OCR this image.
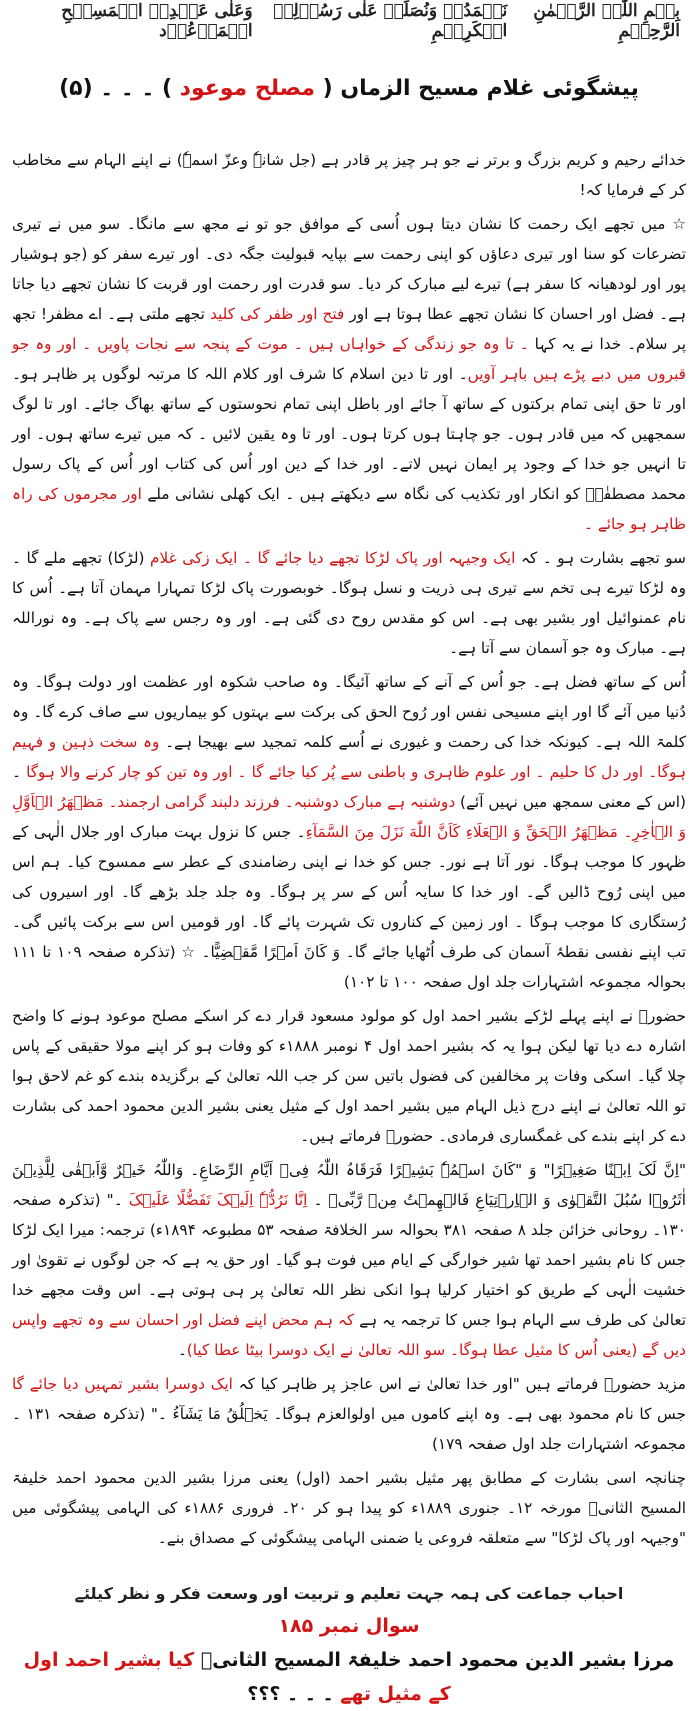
بِسۡمِ اللّٰہِ الرَّحۡمٰنِ الرَّحِیۡمِ
نَحۡمَدُہٗ وَنُصَلِّیۡ عَلٰی رَسُوۡلِہِ الۡکَرِیۡمِ
وَعَلٰی عَبۡدِہِ الۡمَسِیۡحِ الۡمَوۡعُوۡد
پیشگوئی غلام مسیح الزماں ( مصلح موعود ) ۔ ۔ ۔ (۵)

خدائے رحیم و کریم بزرگ و برتر نے جو ہر چیز پر قادر ہے (جل شانہٗ وعزّ اسمہٗ) نے اپنے الہام سے مخاطب کر کے فرمایا کہ!

☆ میں تجھے ایک رحمت کا نشان دیتا ہوں اُسی کے موافق جو تو نے مجھ سے مانگا۔ سو میں نے تیری تضرعات کو سنا اور تیری دعاؤں کو اپنی رحمت سے بپایہ قبولیت جگہ دی۔ اور تیرے سفر کو (جو ہوشیار پور اور لودھیانہ کا سفر ہے) تیرے لیے مبارک کر دیا۔ سو قدرت اور رحمت اور قربت کا نشان تجھے دیا جاتا ہے۔ فضل اور احسان کا نشان تجھے عطا ہوتا ہے اور فتح اور ظفر کی کلید تجھے ملتی ہے۔ اے مظفر! تجھ پر سلام۔ خدا نے یہ کہا ۔ تا وہ جو زندگی کے خواہاں ہیں ۔ موت کے پنجہ سے نجات پاویں ۔ اور وہ جو قبروں میں دبے پڑے ہیں باہر آویں۔ اور تا دین اسلام کا شرف اور کلام اللہ کا مرتبہ لوگوں پر ظاہر ہو۔ اور تا حق اپنی تمام برکتوں کے ساتھ آ جائے اور باطل اپنی تمام نحوستوں کے ساتھ بھاگ جائے۔ اور تا لوگ سمجھیں کہ میں قادر ہوں۔ جو چاہتا ہوں کرتا ہوں۔ اور تا وہ یقین لائیں ۔ کہ میں تیرے ساتھ ہوں۔ اور تا انہیں جو خدا کے وجود پر ایمان نہیں لاتے۔ اور خدا کے دین اور اُس کی کتاب اور اُس کے پاک رسول محمد مصطفٰےؐ کو انکار اور تکذیب کی نگاہ سے دیکھتے ہیں ۔ ایک کھلی نشانی ملے اور مجرموں کی راہ ظاہر ہو جائے ۔

سو تجھے بشارت ہو ۔ کہ ایک وجیہہ اور پاک لڑکا تجھے دیا جائے گا ۔ ایک زکی غلام (لڑکا) تجھے ملے گا ۔ وہ لڑکا تیرے ہی تخم سے تیری ہی ذریت و نسل ہوگا۔ خوبصورت پاک لڑکا تمہارا مہمان آتا ہے۔ اُس کا نام عمنوائیل اور بشیر بھی ہے۔ اس کو مقدس روح دی گئی ہے۔ اور وہ رجس سے پاک ہے۔ وہ نوراللہ ہے۔ مبارک وہ جو آسمان سے آتا ہے۔

اُس کے ساتھ فضل ہے۔ جو اُس کے آنے کے ساتھ آئیگا۔ وہ صاحب شکوہ اور عظمت اور دولت ہوگا۔ وہ دُنیا میں آئے گا اور اپنے مسیحی نفس اور رُوح الحق کی برکت سے بہتوں کو بیماریوں سے صاف کرے گا۔ وہ کلمۃ اللہ ہے۔ کیونکہ خدا کی رحمت و غیوری نے اُسے کلمہ تمجید سے بھیجا ہے۔ وہ سخت ذہین و فہیم ہوگا۔ اور دل کا حلیم ۔ اور علوم ظاہری و باطنی سے پُر کیا جائے گا ۔ اور وہ تین کو چار کرنے والا ہوگا ۔ (اس کے معنی سمجھ میں نہیں آئے) دوشنبہ ہے مبارک دوشنبہ۔ فرزند دلبند گرامی ارجمند۔ مَظۡهَرُ الۡاَوَّلِ وَ الۡاٰخِرِ۔ مَظۡهَرُ الۡحَقِّ وَ الۡعَلَاءِ کَاَنَّ اللّٰهَ نَزَلَ مِنَ السَّمَآءِ۔ جس کا نزول بہت مبارک اور جلال الٰہی کے ظہور کا موجب ہوگا۔ نور آتا ہے نور۔ جس کو خدا نے اپنی رضامندی کے عطر سے ممسوح کیا۔ ہم اس میں اپنی رُوح ڈالیں گے۔ اور خدا کا سایہ اُس کے سر پر ہوگا۔ وہ جلد جلد بڑھے گا۔ اور اسیروں کی رُستگاری کا موجب ہوگا ۔ اور زمین کے کناروں تک شہرت پائے گا۔ اور قومیں اس سے برکت پائیں گی۔ تب اپنے نفسی نقطۂ آسمان کی طرف اُٹھایا جائے گا۔ وَ کَانَ اَمۡرًا مَّقۡضِیًّا۔ ☆ (تذکرہ صفحہ ۱۰۹ تا ۱۱۱ بحوالہ مجموعہ اشتہارات جلد اول صفحہ ۱۰۰ تا ۱۰۲)

حضورؑ نے اپنے پہلے لڑکے بشیر احمد اول کو مولود مسعود قرار دے کر اسکے مصلح موعود ہونے کا واضح اشارہ دے دیا تھا لیکن ہوا یہ کہ بشیر احمد اول ۴ نومبر ۱۸۸۸ء کو وفات ہو کر اپنے مولا حقیقی کے پاس چلا گیا۔ اسکی وفات پر مخالفین کی فضول باتیں سن کر جب اللہ تعالیٰ کے برگزیدہ بندے کو غم لاحق ہوا تو اللہ تعالیٰ نے اپنے درج ذیل الہام میں بشیر احمد اول کے مثیل یعنی بشیر الدین محمود احمد کی بشارت دے کر اپنے بندے کی غمگساری فرمادی۔ حضورؑ فرماتے ہیں۔

"اِنَّ لَکَ اِبۡنًا صَغِیۡرًا" وَ "کَانَ اسۡمُہٗ بَشِیۡرًا فَرَقَاہُ اللّٰہُ فِیۡ اَیَّامِ الرِّضَاعِ۔ وَاللّٰہُ خَیۡرٌ وَّاَبۡقٰی لِلَّذِیۡنَ اٰثَرُوۡا سُبُلَ التَّقۡوٰی وَ الۡاِرۡتِیَاعِ فَالۡھِمۡتُ مِنۡ رَّبِّیۡ ۔ اِنَّا نَرُدُّہٗ اِلَیۡکَ تَفَضُّلًا عَلَیۡکَ ۔" (تذکرہ صفحہ ۱۳۰۔ روحانی خزائن جلد ۸ صفحہ ۳۸۱ بحوالہ سر الخلافۃ صفحہ ۵۳ مطبوعہ ۱۸۹۴ء) ترجمہ: میرا ایک لڑکا جس کا نام بشیر احمد تھا شیر خوارگی کے ایام میں فوت ہو گیا۔ اور حق یہ ہے کہ جن لوگوں نے تقویٰ اور خشیت الٰہی کے طریق کو اختیار کرلیا ہوا انکی نظر اللہ تعالیٰ پر ہی ہوتی ہے۔ اس وقت مجھے خدا تعالیٰ کی طرف سے الہام ہوا جس کا ترجمہ یہ ہے کہ ہم محض اپنے فضل اور احسان سے وہ تجھے واپس دیں گے (یعنی اُس کا مثیل عطا ہوگا۔ سو اللہ تعالیٰ نے ایک دوسرا بیٹا عطا کیا)۔

مزید حضورؑ فرماتے ہیں "اور خدا تعالیٰ نے اس عاجز پر ظاہر کیا کہ ایک دوسرا بشیر تمہیں دیا جائے گا جس کا نام محمود بھی ہے۔ وہ اپنے کاموں میں اولوالعزم ہوگا۔ یَخۡلُقُ مَا یَشَآءُ ۔" (تذکرہ صفحہ ۱۳۱ ۔ مجموعہ اشتہارات جلد اول صفحہ ۱۷۹)

چنانچہ اسی بشارت کے مطابق پھر مثیل بشیر احمد (اول) یعنی مرزا بشیر الدین محمود احمد خلیفۃ المسیح الثانیؓ مورخہ ۱۲۔ جنوری ۱۸۸۹ء کو پیدا ہو کر ۲۰۔ فروری ۱۸۸۶ء کی الہامی پیشگوئی میں "وجیہہ اور پاک لڑکا" سے متعلقہ فروعی یا ضمنی الہامی پیشگوئی کے مصداق بنے۔

احباب جماعت کی ہمہ جہت تعلیم و تربیت اور وسعت فکر و نظر کیلئے
سوال نمبر ۱۸۵
مرزا بشیر الدین محمود احمد خلیفۃ المسیح الثانیؓ کیا بشیر احمد اول کے مثیل تھے ۔ ۔ ۔ ؟؟؟
